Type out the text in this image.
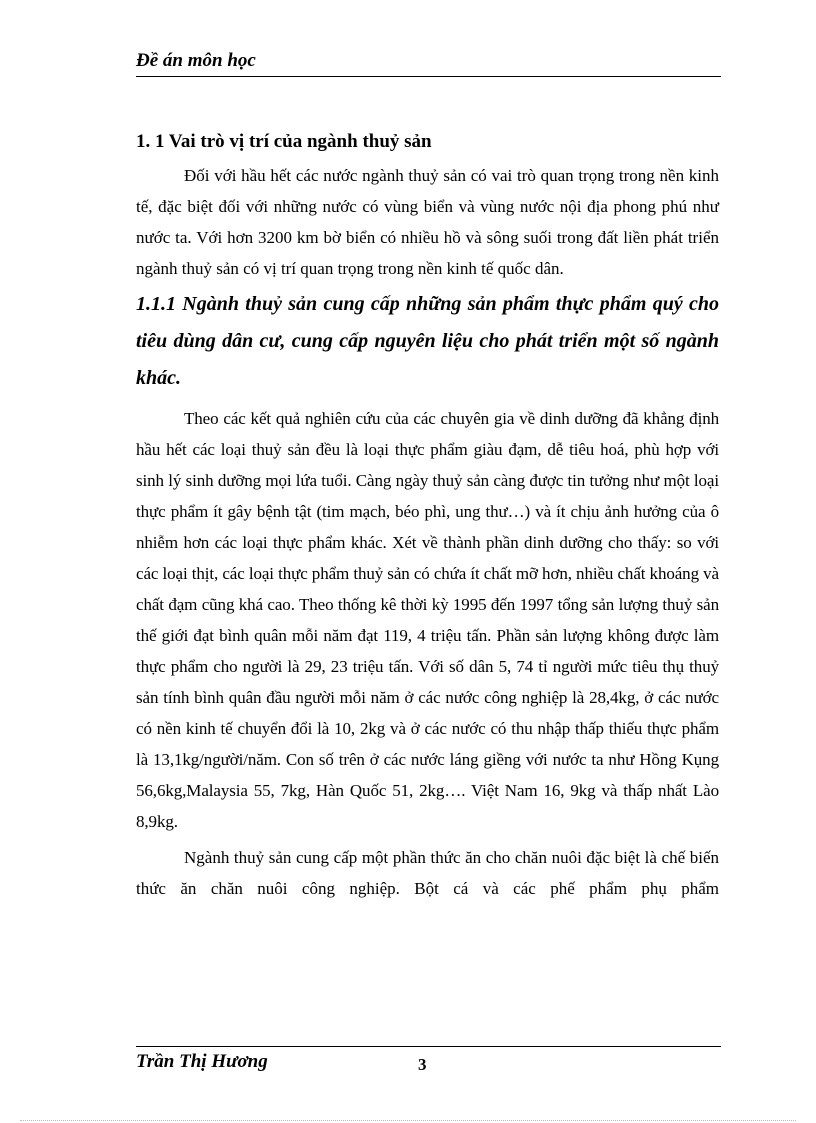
Đề án môn học
1. 1 Vai trò vị trí của ngành thuỷ sản

Đối với hầu hết các nước ngành thuỷ sản có vai trò quan trọng trong nền kinh tế, đặc biệt đối với những nước có vùng biển và vùng nước nội địa phong phú như nước ta. Với hơn 3200 km bờ biển có nhiều hồ và sông suối trong đất liền phát triển ngành thuỷ sản có vị trí quan trọng trong nền kinh tế quốc dân.

1.1.1 Ngành thuỷ sản cung cấp những sản phẩm thực phẩm quý cho tiêu dùng dân cư, cung cấp nguyên liệu cho phát triển một số ngành khác.

Theo các kết quả nghiên cứu của các chuyên gia về dinh dưỡng đã khẳng định hầu hết các loại thuỷ sản đều là loại thực phẩm giàu đạm, dễ tiêu hoá, phù hợp với sinh lý sinh dưỡng mọi lứa tuổi. Càng ngày thuỷ sản càng được tin tưởng như một loại thực phẩm ít gây bệnh tật (tim mạch, béo phì, ung thư…) và ít chịu ảnh hưởng của ô nhiễm hơn các loại thực phẩm khác. Xét về thành phần dinh dưỡng cho thấy: so với các loại thịt, các loại thực phẩm thuỷ sản có chứa ít chất mỡ hơn, nhiều chất khoáng và chất đạm cũng khá cao. Theo thống kê thời kỳ 1995 đến 1997 tổng sản lượng thuỷ sản thế giới đạt bình quân mỗi năm đạt 119, 4 triệu tấn. Phần sản lượng không được làm thực phẩm cho người là 29, 23 triệu tấn. Với số dân 5, 74 tỉ người mức tiêu thụ thuỷ sản tính bình quân đầu người mỗi năm ở các nước công nghiệp là 28,4kg, ở các nước có nền kinh tế chuyển đổi là 10, 2kg và ở các nước có thu nhập thấp thiếu thực phẩm là 13,1kg/người/năm. Con số trên ở các nước láng giềng với nước ta như Hồng Kụng 56,6kg,Malaysia 55, 7kg, Hàn Quốc 51, 2kg…. Việt Nam 16, 9kg và thấp nhất Lào 8,9kg.

Ngành thuỷ sản cung cấp một phần thức ăn cho chăn nuôi đặc biệt là chế biến thức ăn chăn nuôi công nghiệp. Bột cá và các phế phẩm phụ phẩm

Trần Thị Hương	3
